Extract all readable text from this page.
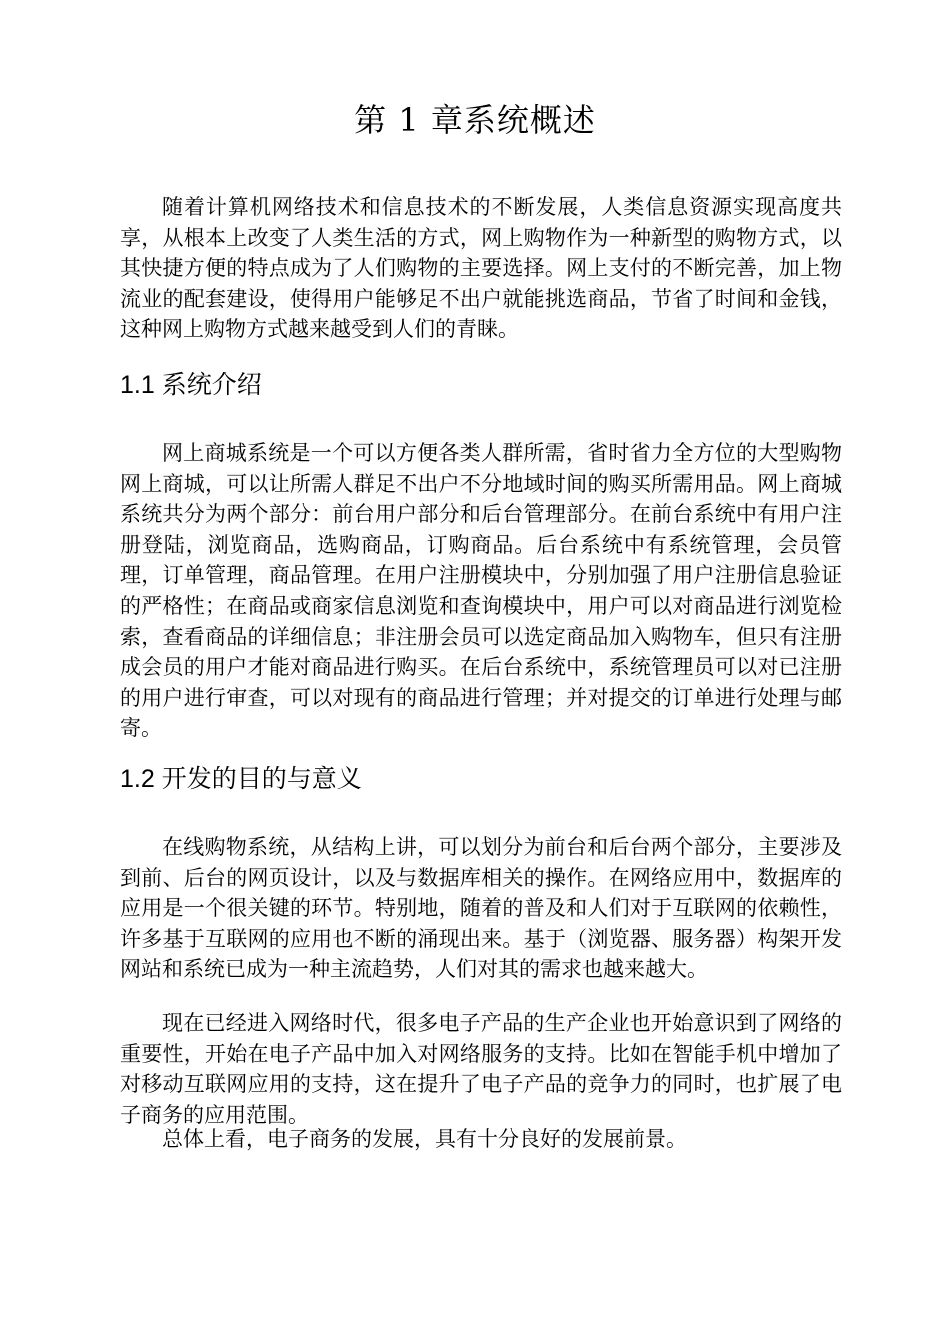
第 1 章系统概述

随着计算机网络技术和信息技术的不断发展，人类信息资源实现高度共享，从根本上改变了人类生活的方式，网上购物作为一种新型的购物方式，以其快捷方便的特点成为了人们购物的主要选择。网上支付的不断完善，加上物流业的配套建设，使得用户能够足不出户就能挑选商品，节省了时间和金钱，这种网上购物方式越来越受到人们的青睐。

1.1 系统介绍

网上商城系统是一个可以方便各类人群所需，省时省力全方位的大型购物网上商城，可以让所需人群足不出户不分地域时间的购买所需用品。网上商城系统共分为两个部分：前台用户部分和后台管理部分。在前台系统中有用户注册登陆，浏览商品，选购商品，订购商品。后台系统中有系统管理，会员管理，订单管理，商品管理。在用户注册模块中，分别加强了用户注册信息验证的严格性；在商品或商家信息浏览和查询模块中，用户可以对商品进行浏览检索，查看商品的详细信息；非注册会员可以选定商品加入购物车，但只有注册成会员的用户才能对商品进行购买。在后台系统中，系统管理员可以对已注册的用户进行审查，可以对现有的商品进行管理；并对提交的订单进行处理与邮寄。

1.2 开发的目的与意义

在线购物系统，从结构上讲，可以划分为前台和后台两个部分，主要涉及到前、后台的网页设计，以及与数据库相关的操作。在网络应用中，数据库的应用是一个很关键的环节。特别地，随着的普及和人们对于互联网的依赖性，许多基于互联网的应用也不断的涌现出来。基于（浏览器、服务器）构架开发网站和系统已成为一种主流趋势，人们对其的需求也越来越大。

现在已经进入网络时代，很多电子产品的生产企业也开始意识到了网络的重要性，开始在电子产品中加入对网络服务的支持。比如在智能手机中增加了对移动互联网应用的支持，这在提升了电子产品的竞争力的同时，也扩展了电子商务的应用范围。

总体上看，电子商务的发展，具有十分良好的发展前景。
